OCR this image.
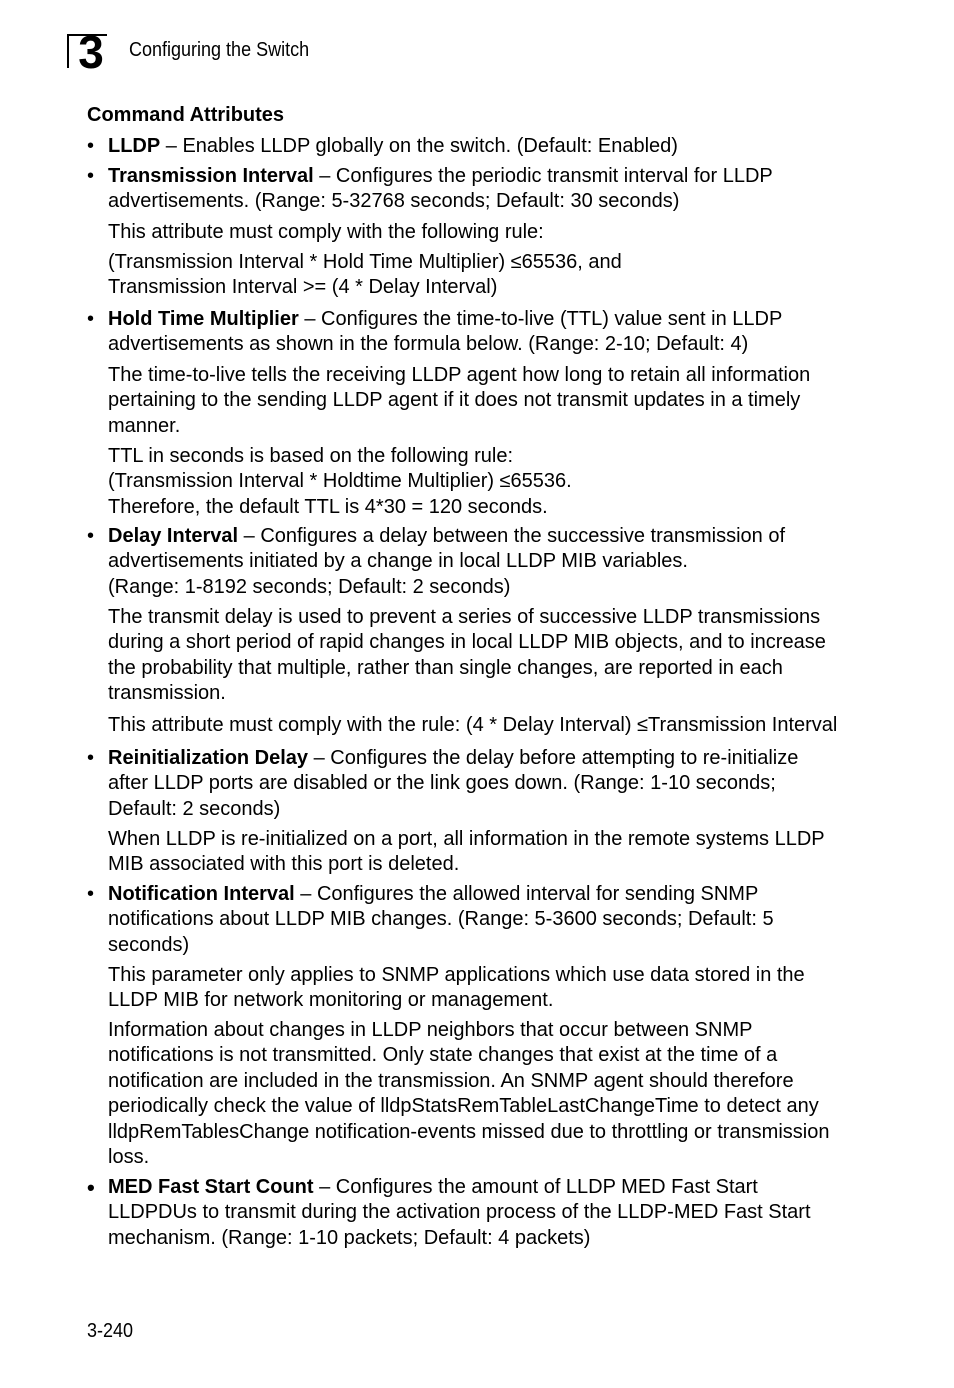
3	Configuring the Switch
Command Attributes
• LLDP – Enables LLDP globally on the switch. (Default: Enabled)
• Transmission Interval – Configures the periodic transmit interval for LLDP
advertisements. (Range: 5-32768 seconds; Default: 30 seconds)
This attribute must comply with the following rule:
(Transmission Interval * Hold Time Multiplier) ≤65536, and
Transmission Interval >= (4 * Delay Interval)
• Hold Time Multiplier – Configures the time-to-live (TTL) value sent in LLDP
advertisements as shown in the formula below. (Range: 2-10; Default: 4)
The time-to-live tells the receiving LLDP agent how long to retain all information
pertaining to the sending LLDP agent if it does not transmit updates in a timely
manner.
TTL in seconds is based on the following rule:
(Transmission Interval * Holdtime Multiplier) ≤65536.
Therefore, the default TTL is 4*30 = 120 seconds.
• Delay Interval – Configures a delay between the successive transmission of
advertisements initiated by a change in local LLDP MIB variables.
(Range: 1-8192 seconds; Default: 2 seconds)
The transmit delay is used to prevent a series of successive LLDP transmissions
during a short period of rapid changes in local LLDP MIB objects, and to increase
the probability that multiple, rather than single changes, are reported in each
transmission.
This attribute must comply with the rule: (4 * Delay Interval) ≤Transmission Interval
• Reinitialization Delay – Configures the delay before attempting to re-initialize
after LLDP ports are disabled or the link goes down. (Range: 1-10 seconds;
Default: 2 seconds)
When LLDP is re-initialized on a port, all information in the remote systems LLDP
MIB associated with this port is deleted.
• Notification Interval – Configures the allowed interval for sending SNMP
notifications about LLDP MIB changes. (Range: 5-3600 seconds; Default: 5
seconds)
This parameter only applies to SNMP applications which use data stored in the
LLDP MIB for network monitoring or management.
Information about changes in LLDP neighbors that occur between SNMP
notifications is not transmitted. Only state changes that exist at the time of a
notification are included in the transmission. An SNMP agent should therefore
periodically check the value of lldpStatsRemTableLastChangeTime to detect any
lldpRemTablesChange notification-events missed due to throttling or transmission
loss.
• MED Fast Start Count – Configures the amount of LLDP MED Fast Start
LLDPDUs to transmit during the activation process of the LLDP-MED Fast Start
mechanism. (Range: 1-10 packets; Default: 4 packets)
3-240
